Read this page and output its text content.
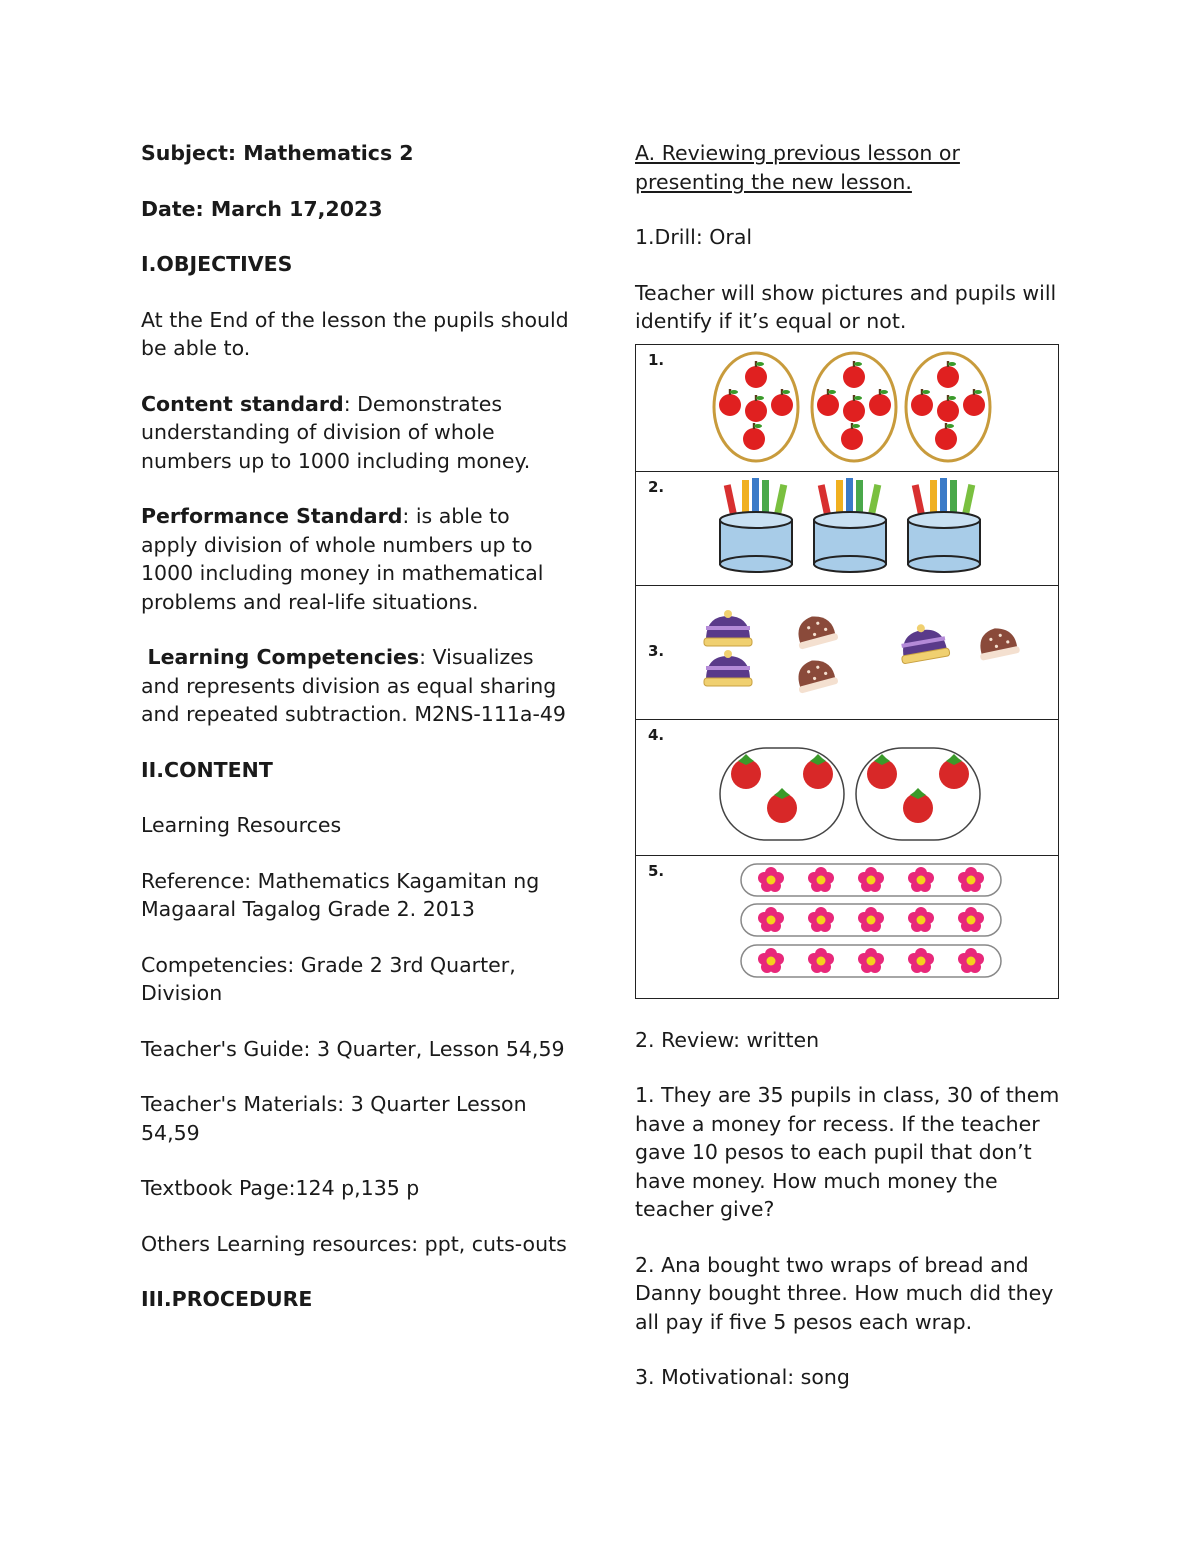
Subject: Mathematics 2

Date: March 17,2023

I.OBJECTIVES

At the End of the lesson the pupils should be able to.

Content standard: Demonstrates understanding of division of whole numbers up to 1000 including money.

Performance Standard: is able to apply division of whole numbers up to 1000 including money in mathematical problems and real-life situations.

Learning Competencies: Visualizes and represents division as equal sharing and repeated subtraction. M2NS-111a-49

II.CONTENT

Learning Resources

Reference: Mathematics Kagamitan ng Magaaral Tagalog Grade 2. 2013

Competencies: Grade 2 3rd Quarter, Division

Teacher's Guide: 3 Quarter, Lesson 54,59

Teacher's Materials: 3 Quarter Lesson 54,59

Textbook Page:124 p,135 p

Others Learning resources: ppt, cuts-outs

III.PROCEDURE

A. Reviewing previous lesson or presenting the new lesson.

1.Drill: Oral

Teacher will show pictures and pupils will identify if it’s equal or not.

1.

2.

3.

4.

5.

2. Review: written

1. They are 35 pupils in class, 30 of them have a money for recess. If the teacher gave 10 pesos to each pupil that don’t have money. How much money the teacher give?

2. Ana bought two wraps of bread and Danny bought three. How much did they all pay if five 5 pesos each wrap.

3. Motivational: song
